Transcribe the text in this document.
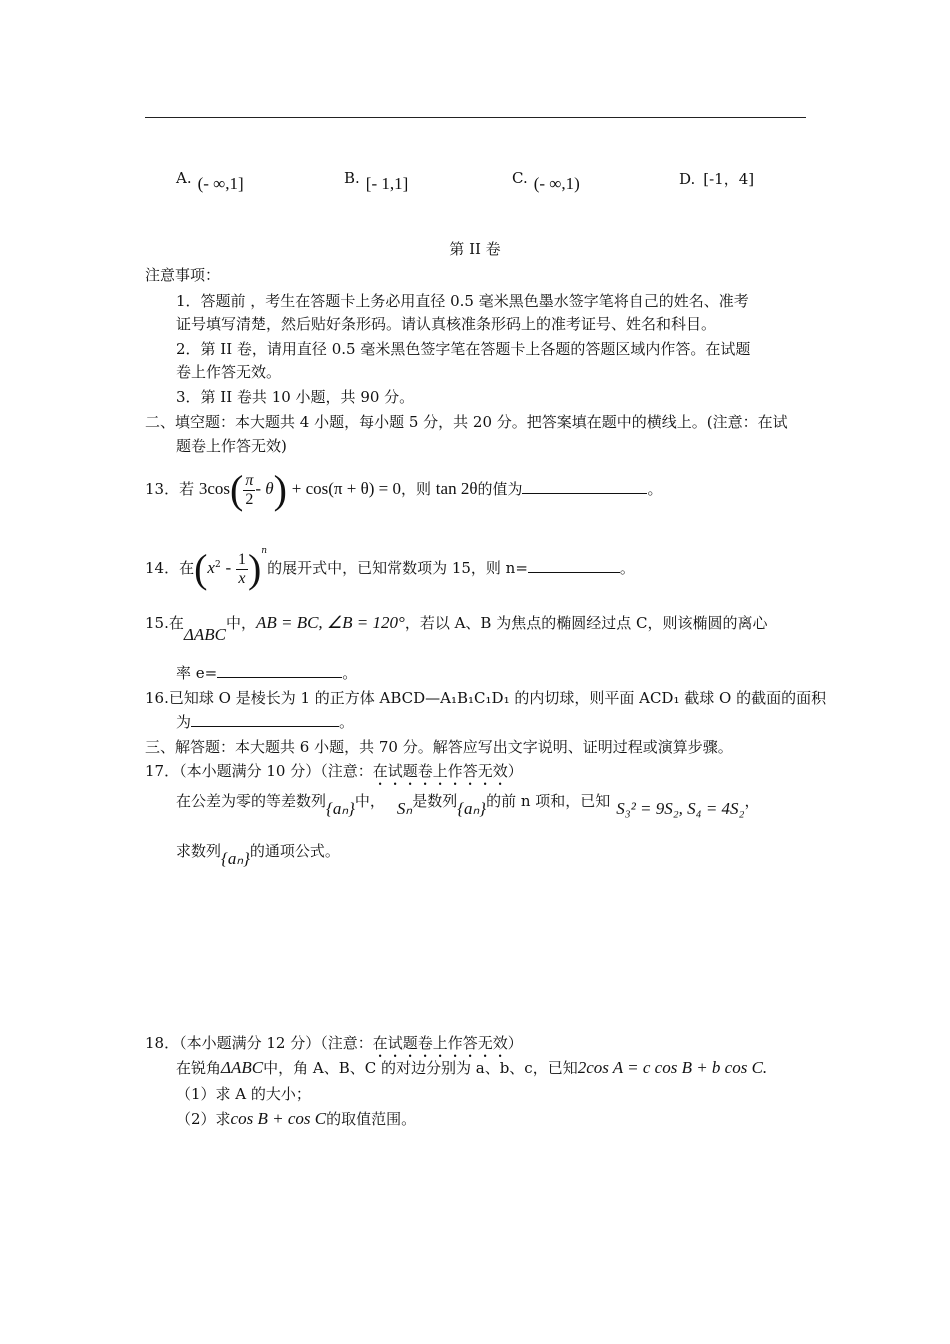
A. (- ∞,1]	B. [- 1,1]	C. (- ∞,1)	D. [-1，4]
第 II 卷
注意事项：
1．答题前 ，考生在答题卡上务必用直径 0.5 毫米黑色墨水签字笔将自己的姓名、准考
证号填写清楚，然后贴好条形码。请认真核准条形码上的准考证号、姓名和科目。
2．第 II 卷，请用直径 0.5 毫米黑色签字笔在答题卡上各题的答题区域内作答。在试题
卷上作答无效。
3．第 II 卷共 10 小题，共 90 分。
二、填空题：本大题共 4 小题，每小题 5 分，共 20 分。把答案填在题中的横线上。(注意：在试
题卷上作答无效)
13．若 $3\cos( \frac{\pi}{2} - \theta) + \cos(\pi + \theta) = 0$，则 tan 2θ的值为	。
14．在$(x^2 - \frac{1}{x} )^n$的展开式中，已知常数项为 15，则 n=	。
15.在ΔABC中，AB = BC, ∠B = 120°，若以 A、B 为焦点的椭圆经过点 C，则该椭圆的离心
率 e=	。
16.已知球 O 是棱长为 1 的正方体 ABCD—A₁B₁C₁D₁ 的内切球，则平面 ACD₁ 截球 O 的截面的面积
为	。
三、解答题：本大题共 6 小题，共 70 分。解答应写出文字说明、证明过程或演算步骤。
17．（本小题满分 10 分）（注意：在试题卷上作答无效）
在公差为零的等差数列{aₙ}中， Sₙ是数列{aₙ}的前 n 项和，已知 S₃² = 9S₂, S₄ = 4S₂，
求数列{aₙ}的通项公式。
18．（本小题满分 12 分）（注意：在试题卷上作答无效）
在锐角ΔABC中，角 A、B、C 的对边分别为 a、b、c，已知2cos A = c cos B + b cos C.
（1）求 A 的大小；
（2）求cos B + cos C的取值范围。
